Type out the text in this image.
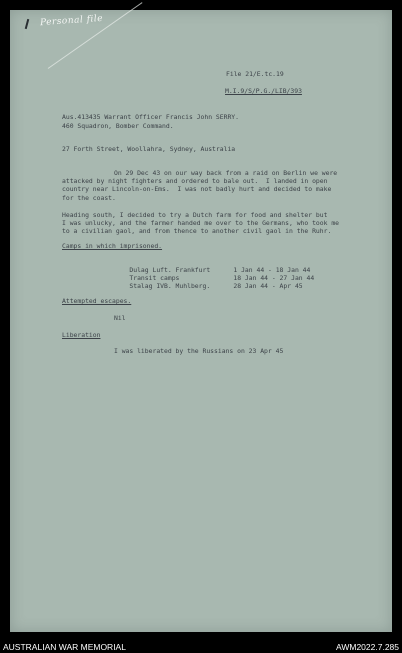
Personal file
File 21/E.tc.19
M.I.9/S/P.G./LIB/393
Aus.413435 Warrant Officer Francis John SERRY.
460 Squadron, Bomber Command.
27 Forth Street, Woollahra, Sydney, Australia
On 29 Dec 43 on our way back from a raid on Berlin we were
attacked by night fighters and ordered to bale out.  I landed in open
country near Lincoln-on-Ems.  I was not badly hurt and decided to make
for the coast.
Heading south, I decided to try a Dutch farm for food and shelter but
I was unlucky, and the farmer handed me over to the Germans, who took me
to a civilian gaol, and from thence to another civil gaol in the Ruhr.
Camps in which imprisoned.

Dulag Luft. Frankfurt	1 Jan 44 - 18 Jan 44

Transit camps	18 Jan 44 - 27 Jan 44

Stalag IVB. Muhlberg.	28 Jan 44 - Apr 45

Attempted escapes.
Nil
Liberation
I was liberated by the Russians on 23 Apr 45
AUSTRALIAN WAR MEMORIAL	AWM2022.7.285
